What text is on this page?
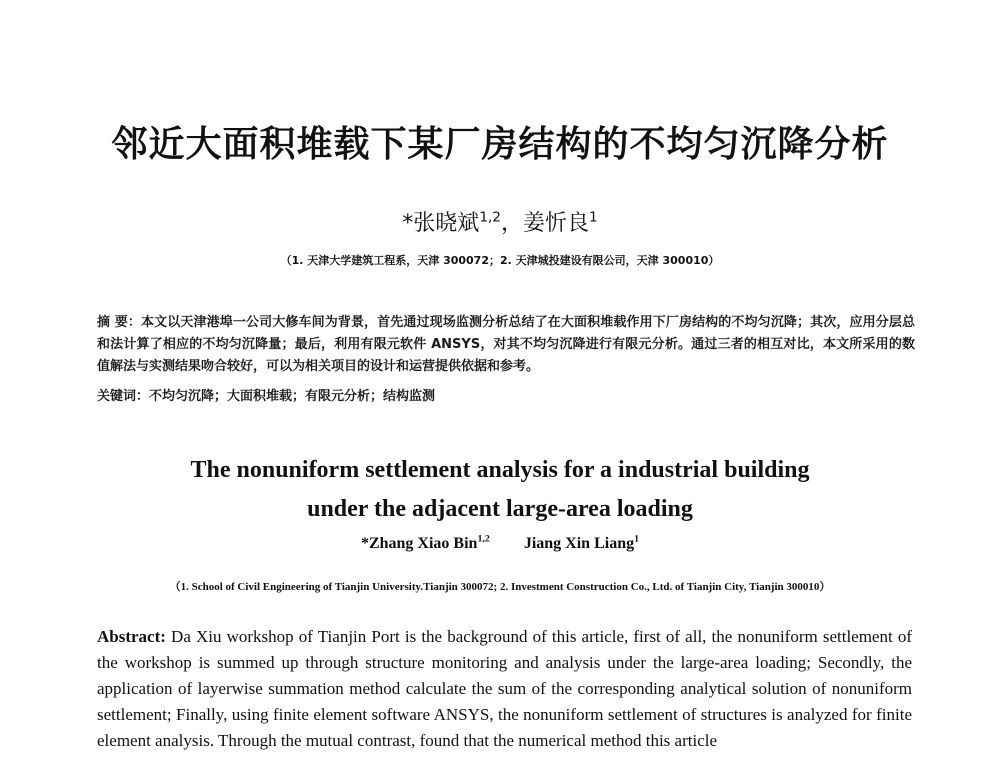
邻近大面积堆载下某厂房结构的不均匀沉降分析
*张晓斌$^{1,2}$，姜忻良$^1$
（1. 天津大学建筑工程系，天津 300072；2. 天津城投建设有限公司，天津 300010）
摘 要：本文以天津港埠一公司大修车间为背景，首先通过现场监测分析总结了在大面积堆载作用下厂房结构的不均匀沉降；其次，应用分层总和法计算了相应的不均匀沉降量；最后，利用有限元软件 ANSYS，对其不均匀沉降进行有限元分析。通过三者的相互对比，本文所采用的数值解法与实测结果吻合较好，可以为相关项目的设计和运营提供依据和参考。
关键词：不均匀沉降；大面积堆载；有限元分析；结构监测
The nonuniform settlement analysis for a industrial building
under the adjacent large-area loading
*Zhang Xiao Bin$^{1,2}$ Jiang Xin Liang$^1$
（1. School of Civil Engineering of Tianjin University.Tianjin 300072; 2. Investment Construction Co., Ltd. of Tianjin City, Tianjin 300010）
Abstract: Da Xiu workshop of Tianjin Port is the background of this article, first of all, the nonuniform settlement of the workshop is summed up through structure monitoring and analysis under the large-area loading; Secondly, the application of layerwise summation method calculate the sum of the corresponding analytical solution of nonuniform settlement; Finally, using finite element software ANSYS, the nonuniform settlement of structures is analyzed for finite element analysis. Through the mutual contrast, found that the numerical method this article
